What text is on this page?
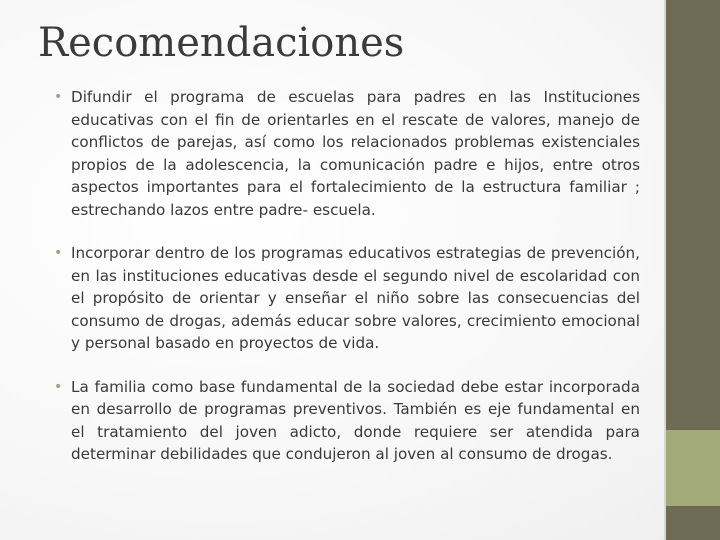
Recomendaciones
• Difundir el programa de escuelas para padres en las Instituciones educativas con el fin de orientarles en el rescate de valores, manejo de conflictos de parejas, así como los relacionados problemas existenciales propios de la adolescencia, la comunicación padre e hijos, entre otros aspectos importantes para el fortalecimiento de la estructura familiar ; estrechando lazos entre padre- escuela.
• Incorporar dentro de los programas educativos estrategias de prevención, en las instituciones educativas desde el segundo nivel de escolaridad con el propósito de orientar y enseñar el niño sobre las consecuencias del consumo de drogas, además educar sobre valores, crecimiento emocional y personal basado en proyectos de vida.
• La familia como base fundamental de la sociedad debe estar incorporada en desarrollo de programas preventivos. También es eje fundamental en el tratamiento del joven adicto, donde requiere ser atendida para determinar debilidades que condujeron al joven al consumo de drogas.
